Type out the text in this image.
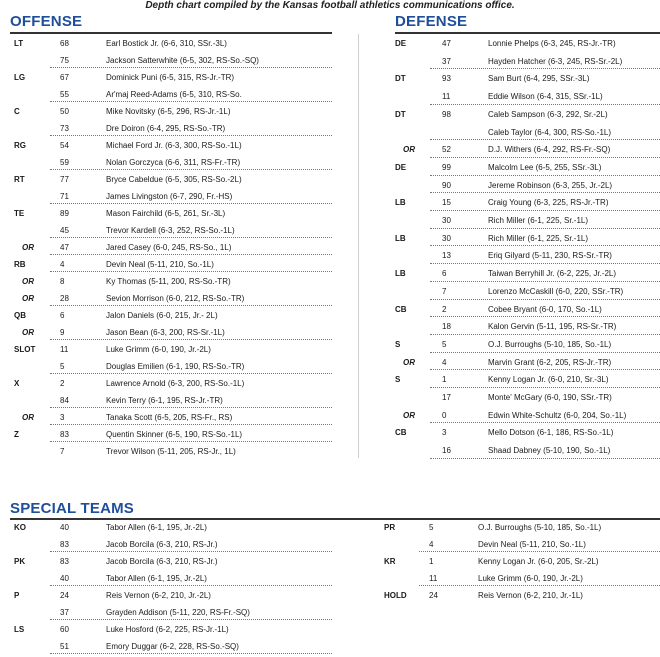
Depth chart compiled by the Kansas football athletics communications office.
OFFENSE	DEFENSE
SPECIAL TEAMS
LT	68	Earl Bostick Jr. (6-6, 310, SSr.-3L)
75	Jackson Satterwhite (6-5, 302, RS-So.-SQ)
LG	67	Dominick Puni (6-5, 315, RS-Jr.-TR)
55	Ar'maj Reed-Adams (6-5, 310, RS-So.
C	50	Mike Novitsky (6-5, 296, RS-Jr.-1L)
73	Dre Doiron (6-4, 295, RS-So.-TR)
RG	54	Michael Ford Jr. (6-3, 300, RS-So.-1L)
59	Nolan Gorczyca (6-6, 311, RS-Fr.-TR)
RT	77	Bryce Cabeldue (6-5, 305, RS-So.-2L)
71	James Livingston (6-7, 290, Fr.-HS)
TE	89	Mason Fairchild (6-5, 261, Sr.-3L)
45	Trevor Kardell (6-3, 252, RS-So.-1L)
OR	47	Jared Casey (6-0, 245, RS-So., 1L)
RB	4	Devin Neal (5-11, 210, So.-1L)
OR	8	Ky Thomas (5-11, 200, RS-So.-TR)
OR	28	Sevion Morrison (6-0, 212, RS-So.-TR)
QB	6	Jalon Daniels (6-0, 215, Jr.- 2L)
OR	9	Jason Bean (6-3, 200, RS-Sr.-1L)
SLOT	11	Luke Grimm (6-0, 190, Jr.-2L)
5	Douglas Emilien (6-1, 190, RS-So.-TR)
X	2	Lawrence Arnold (6-3, 200, RS-So.-1L)
84	Kevin Terry (6-1, 195, RS-Jr.-TR)
OR	3	Tanaka Scott (6-5, 205, RS-Fr., RS)
Z	83	Quentin Skinner (6-5, 190, RS-So.-1L)
7	Trevor Wilson (5-11, 205, RS-Jr., 1L)
DE	47	Lonnie Phelps (6-3, 245, RS-Jr.-TR)
37	Hayden Hatcher (6-3, 245, RS-Sr.-2L)
DT	93	Sam Burt (6-4, 295, SSr.-3L)
11	Eddie Wilson (6-4, 315, SSr.-1L)
DT	98	Caleb Sampson (6-3, 292, Sr.-2L)
Caleb Taylor (6-4, 300, RS-So.-1L)
OR	52	D.J. Withers (6-4, 292, RS-Fr.-SQ)
DE	99	Malcolm Lee (6-5, 255, SSr.-3L)
90	Jereme Robinson (6-3, 255, Jr.-2L)
LB	15	Craig Young (6-3, 225, RS-Jr.-TR)
30	Rich Miller (6-1, 225, Sr.-1L)
LB	30	Rich Miller (6-1, 225, Sr.-1L)
13	Eriq Gilyard (5-11, 230, RS-Sr.-TR)
LB	6	Taiwan Berryhill Jr. (6-2, 225, Jr.-2L)
7	Lorenzo McCaskill (6-0, 220, SSr.-TR)
CB	2	Cobee Bryant (6-0, 170, So.-1L)
18	Kalon Gervin (5-11, 195, RS-Sr.-TR)
S	5	O.J. Burroughs (5-10, 185, So.-1L)
OR	4	Marvin Grant (6-2, 205, RS-Jr.-TR)
S	1	Kenny Logan Jr. (6-0, 210, Sr.-3L)
17	Monte' McGary (6-0, 190, SSr.-TR)
OR	0	Edwin White-Schultz (6-0, 204, So.-1L)
CB	3	Mello Dotson (6-1, 186, RS-So.-1L)
16	Shaad Dabney (5-10, 190, So.-1L)
KO	40	Tabor Allen (6-1, 195, Jr.-2L)
83	Jacob Borcila (6-3, 210, RS-Jr.)
PK	83	Jacob Borcila (6-3, 210, RS-Jr.)
40	Tabor Allen (6-1, 195, Jr.-2L)
P	24	Reis Vernon (6-2, 210, Jr.-2L)
37	Grayden Addison (5-11, 220, RS-Fr.-SQ)
LS	60	Luke Hosford (6-2, 225, RS-Jr.-1L)
51	Emory Duggar (6-2, 228, RS-So.-SQ)
PR	5	O.J. Burroughs (5-10, 185, So.-1L)
4	Devin Neal (5-11, 210, So.-1L)
KR	1	Kenny Logan Jr. (6-0, 205, Sr.-2L)
11	Luke Grimm (6-0, 190, Jr.-2L)
HOLD	24	Reis Vernon (6-2, 210, Jr.-1L)
